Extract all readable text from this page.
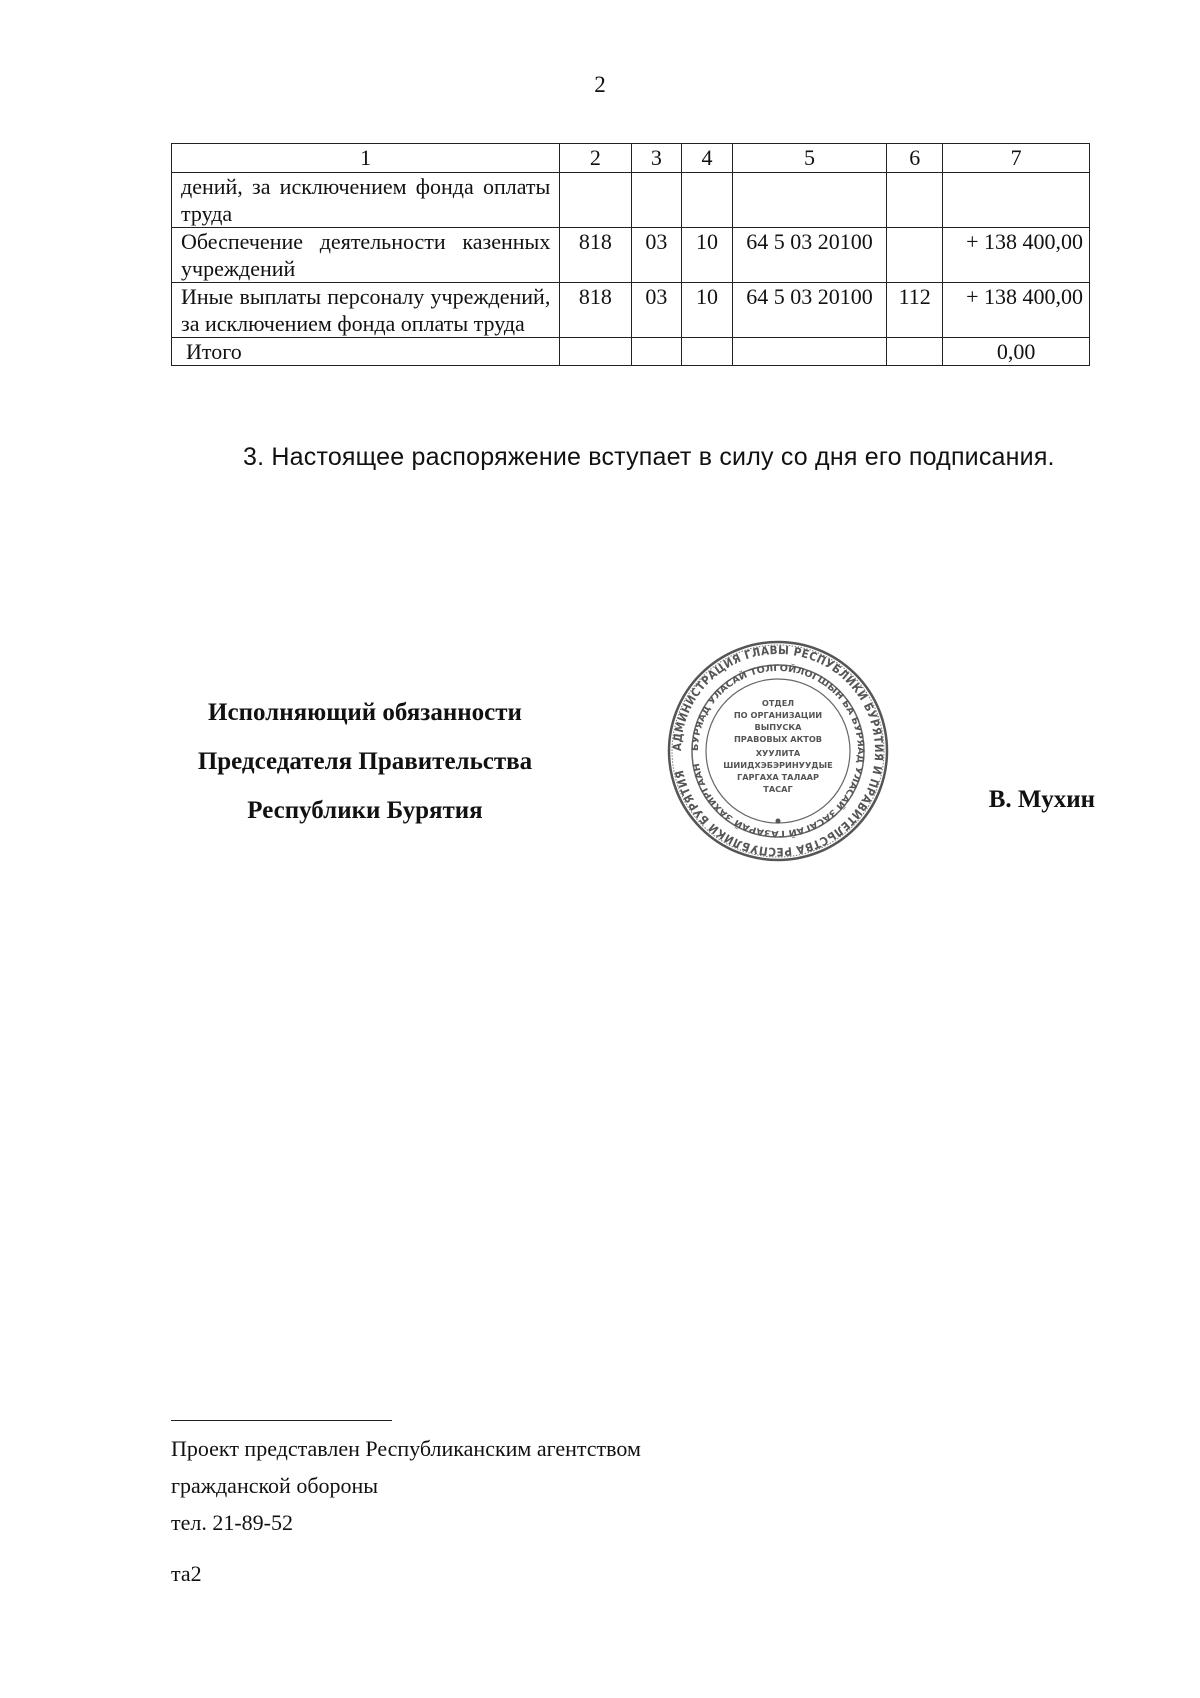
2
1	2	3	4	5	6	7
дений, за исключением фонда оплаты труда						
Обеспечение деятельности казенных учреждений	818	03	10	64 5 03 20100		+ 138 400,00
Иные выплаты персоналу учреждений, за исключением фонда оплаты труда	818	03	10	64 5 03 20100	112	+ 138 400,00
Итого						0,00
3. Настоящее распоряжение вступает в силу со дня его подписания.
Исполняющий обязанности
Председателя Правительства
Республики Бурятия
АДМИНИСТРАЦИЯ ГЛАВЫ РЕСПУБЛИКИ БУРЯТИЯ И ПРАВИТЕЛЬСТВА РЕСПУБЛИКИ БУРЯТИЯ
БУРЯАД УЛАСАЙ ТОЛГОЙЛОГШЫН БА БУРЯАД УЛАСАЙ ЗАСАГАЙ ГАЗАРАЙ ЗАХИРГААН
ОТДЕЛ
ПО ОРГАНИЗАЦИИ
ВЫПУСКА
ПРАВОВЫХ АКТОВ
ХУУЛИТА
ШИИДХЭБЭРИНУУДЫЕ
ГАРГАХА ТАЛААР
ТАСАГ	В. Мухин
Проект представлен Республиканским агентством
гражданской обороны
тел. 21-89-52
та2
